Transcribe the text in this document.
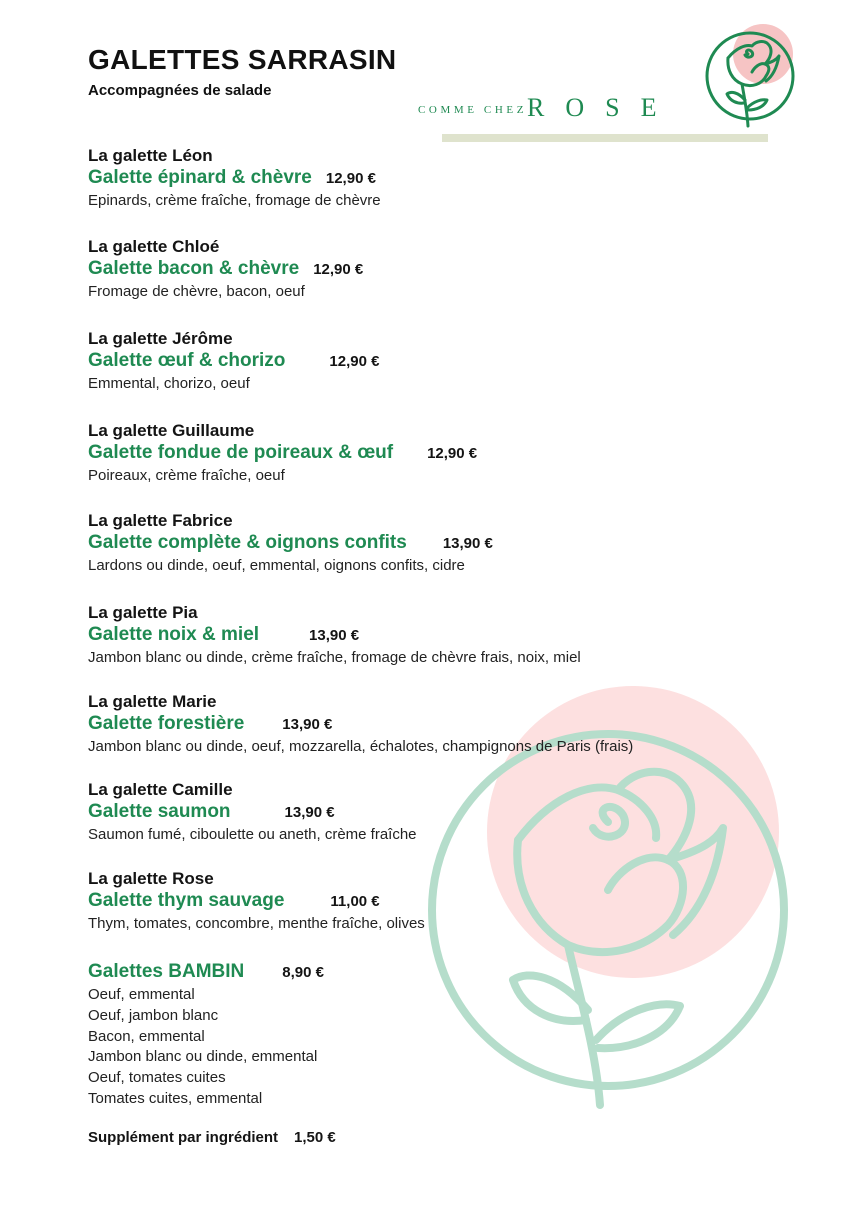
GALETTES SARRASIN
Accompagnées de salade
COMME CHEZROSE
La galette Léon
Galette épinard & chèvre 12,90 €
Epinards, crème fraîche, fromage de chèvre
La galette Chloé
Galette bacon & chèvre 12,90 €
Fromage de chèvre, bacon, oeuf
La galette Jérôme
Galette œuf & chorizo	12,90 €
Emmental, chorizo, oeuf
La galette Guillaume
Galette fondue de poireaux & œuf 12,90 €
Poireaux, crème fraîche, oeuf
La galette Fabrice
Galette complète & oignons confits 13,90 €
Lardons ou dinde, oeuf, emmental, oignons confits, cidre
La galette Pia
Galette noix & miel	13,90 €
Jambon blanc ou dinde, crème fraîche, fromage de chèvre frais, noix, miel
La galette Marie
Galette forestière	13,90 €
Jambon blanc ou dinde, oeuf, mozzarella, échalotes, champignons de Paris (frais)
La galette Camille
Galette saumon	13,90 €
Saumon fumé, ciboulette ou aneth, crème fraîche
La galette Rose
Galette thym sauvage	11,00 €
Thym, tomates, concombre, menthe fraîche, olives
Galettes BAMBIN	8,90 €
Oeuf, emmental
Oeuf, jambon blanc
Bacon, emmental
Jambon blanc ou dinde, emmental
Oeuf, tomates cuites
Tomates cuites, emmental
Supplément par ingrédient 1,50 €
